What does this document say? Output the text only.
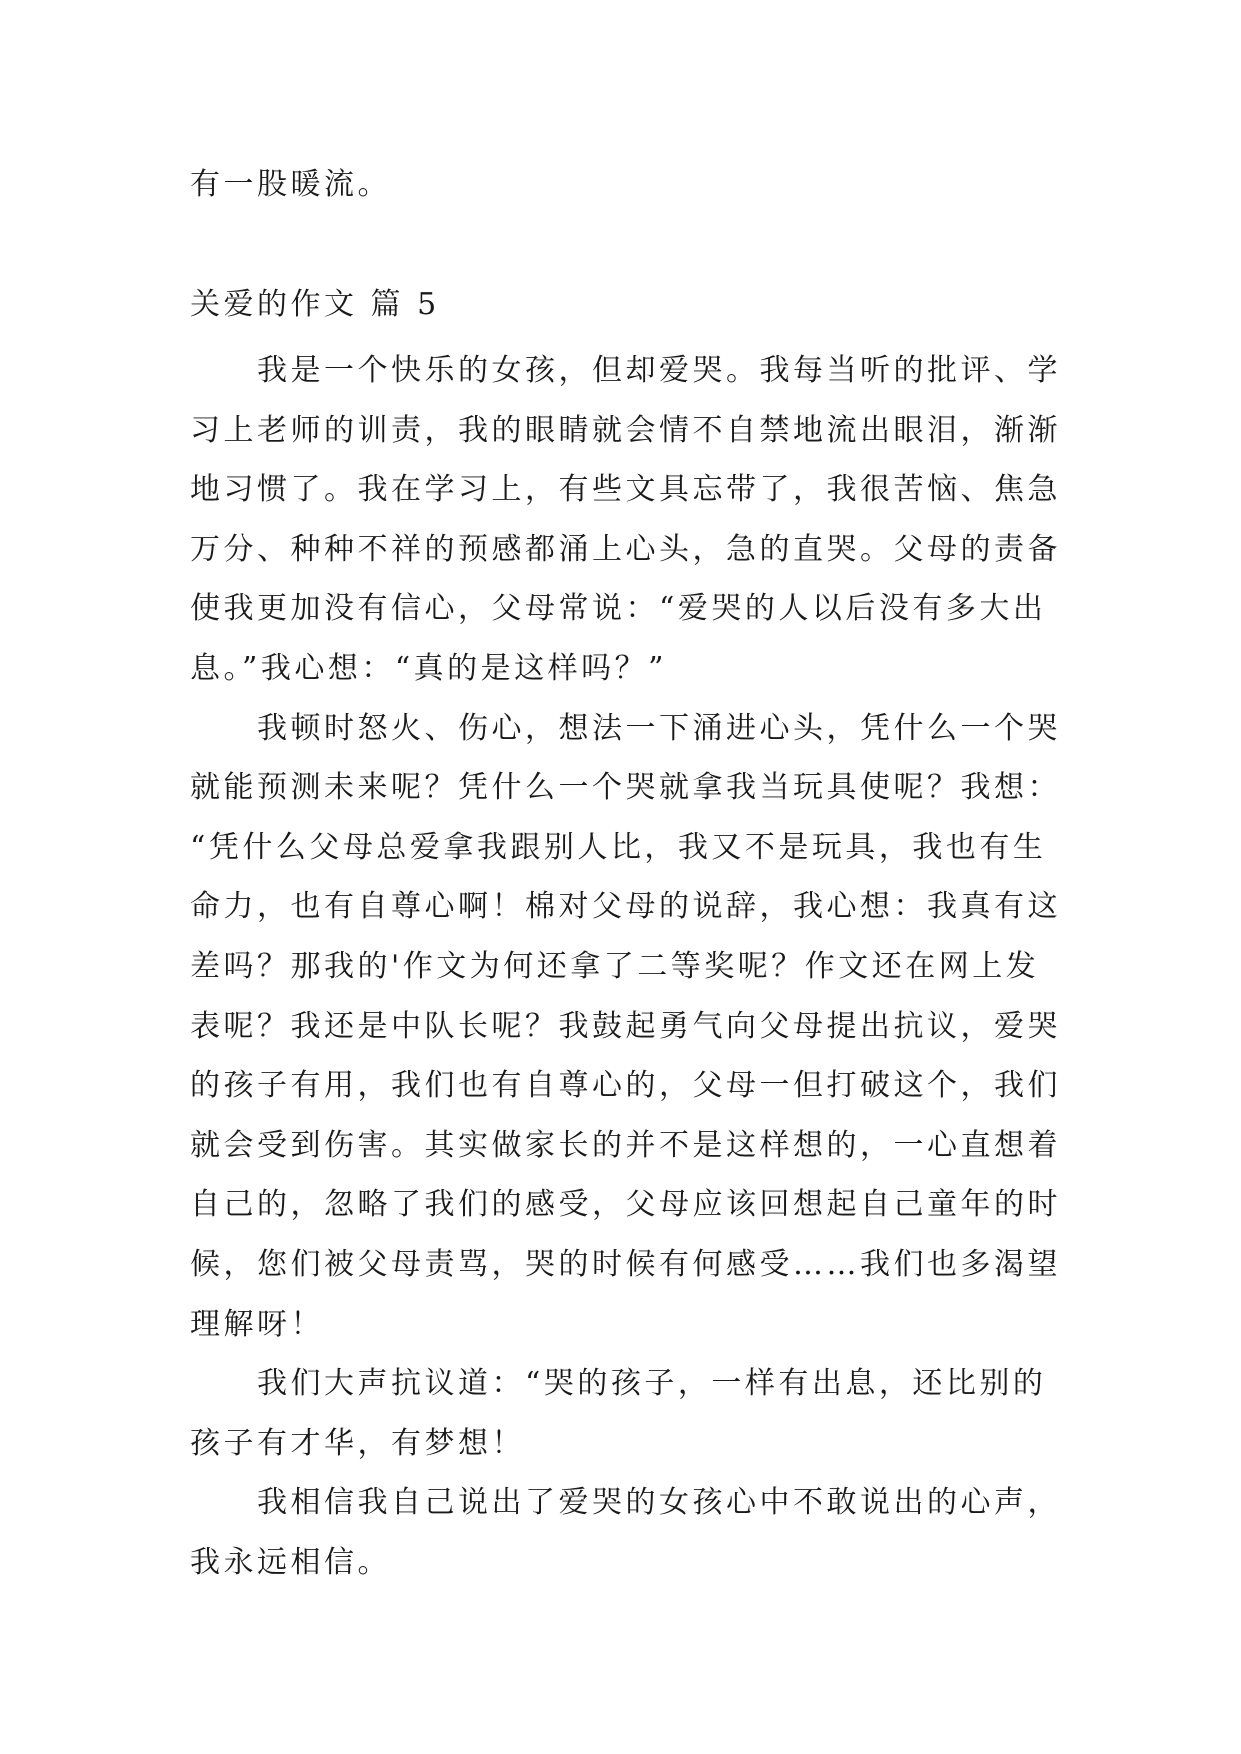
有一股暖流。

关爱的作文 篇 5

我是一个快乐的女孩，但却爱哭。我每当听的批评、学

习上老师的训责，我的眼睛就会情不自禁地流出眼泪，渐渐

地习惯了。我在学习上，有些文具忘带了，我很苦恼、焦急

万分、种种不祥的预感都涌上心头，急的直哭。父母的责备

使我更加没有信心，父母常说：“爱哭的人以后没有多大出

息。”我心想：“真的是这样吗？”

我顿时怒火、伤心，想法一下涌进心头，凭什么一个哭

就能预测未来呢？凭什么一个哭就拿我当玩具使呢？我想：

“凭什么父母总爱拿我跟别人比，我又不是玩具，我也有生

命力，也有自尊心啊！棉对父母的说辞，我心想：我真有这

差吗？那我的'作文为何还拿了二等奖呢？作文还在网上发

表呢？我还是中队长呢？我鼓起勇气向父母提出抗议，爱哭

的孩子有用，我们也有自尊心的，父母一但打破这个，我们

就会受到伤害。其实做家长的并不是这样想的，一心直想着

自己的，忽略了我们的感受，父母应该回想起自己童年的时

候，您们被父母责骂，哭的时候有何感受……我们也多渴望

理解呀！

我们大声抗议道：“哭的孩子，一样有出息，还比别的

孩子有才华，有梦想！

我相信我自己说出了爱哭的女孩心中不敢说出的心声，

我永远相信。
